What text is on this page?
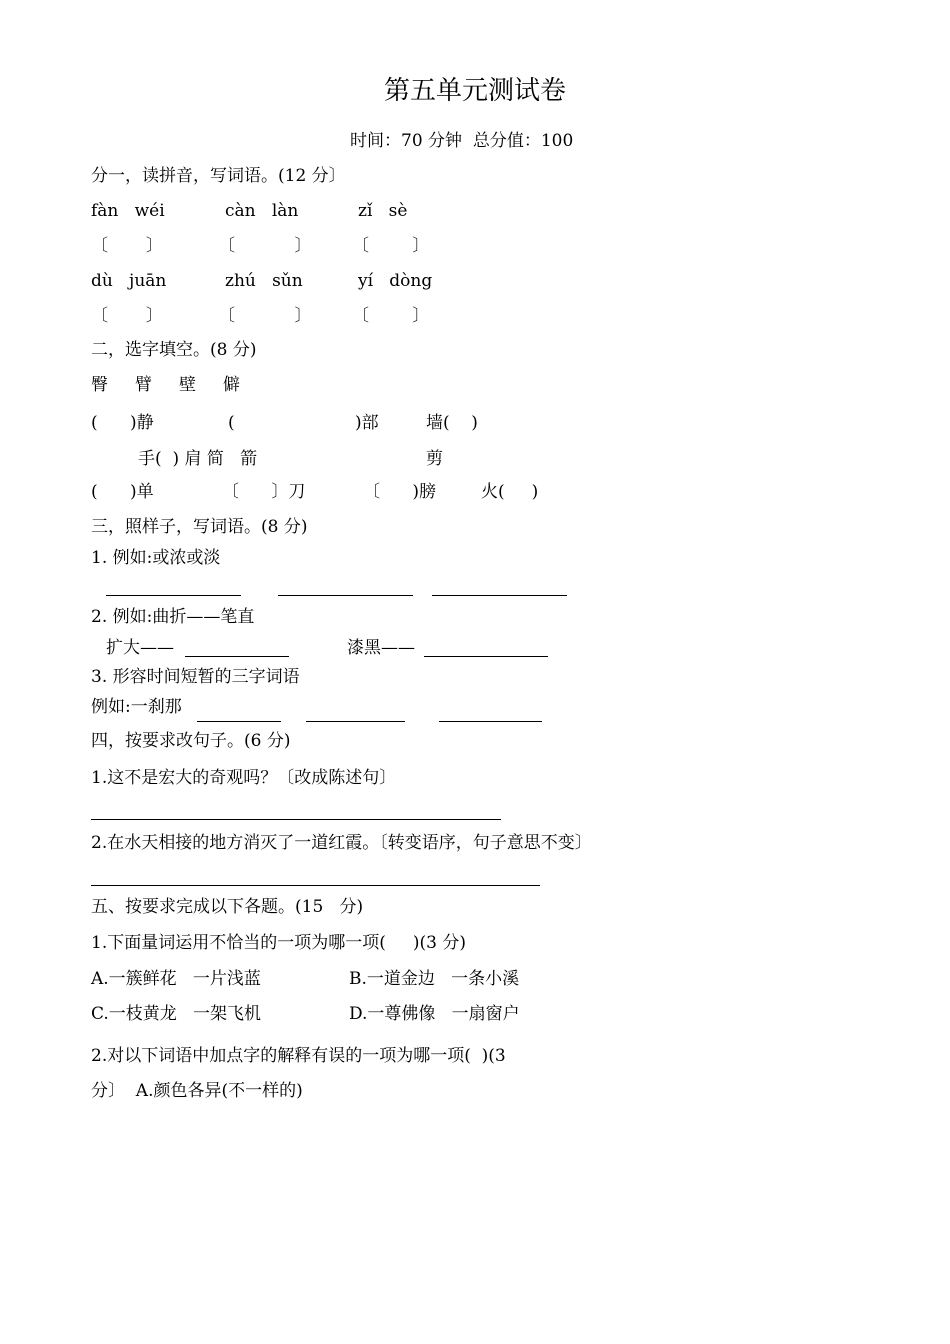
第五单元测试卷
时间：70 分钟  总分值：100
分一，读拼音，写词语。(12 分〕
fàn   wéi	càn   làn	zǐ   sè
〔       〕	〔           〕 〔        〕
dù   juān	zhú   sǔn	yí   dòng
〔       〕	〔           〕 〔        〕
二，选字填空。(8 分)
臀     臂     壁     僻
(      )静	(	)部	墙(    )
手(  ) 肩 简   箭	剪
(      )单	〔      〕刀	〔      )膀	火(     )
三，照样子，写词语。(8 分)
1. 例如:或浓或淡
2. 例如:曲折——笔直
扩大——	漆黑——
3. 形容时间短暂的三字词语
例如:一刹那
四，按要求改句子。(6 分)
1.这不是宏大的奇观吗？〔改成陈述句〕
2.在水天相接的地方消灭了一道红霞。〔转变语序，句子意思不变〕
五、按要求完成以下各题。(15   分)
1.下面量词运用不恰当的一项为哪一项(     )(3 分)
A.一簇鲜花   一片浅蓝	B.一道金边   一条小溪
C.一枝黄龙   一架飞机	D.一尊佛像   一扇窗户
2.对以下词语中加点字的解释有误的一项为哪一项(  )(3
分〕  A.颜色各异(不一样的)
